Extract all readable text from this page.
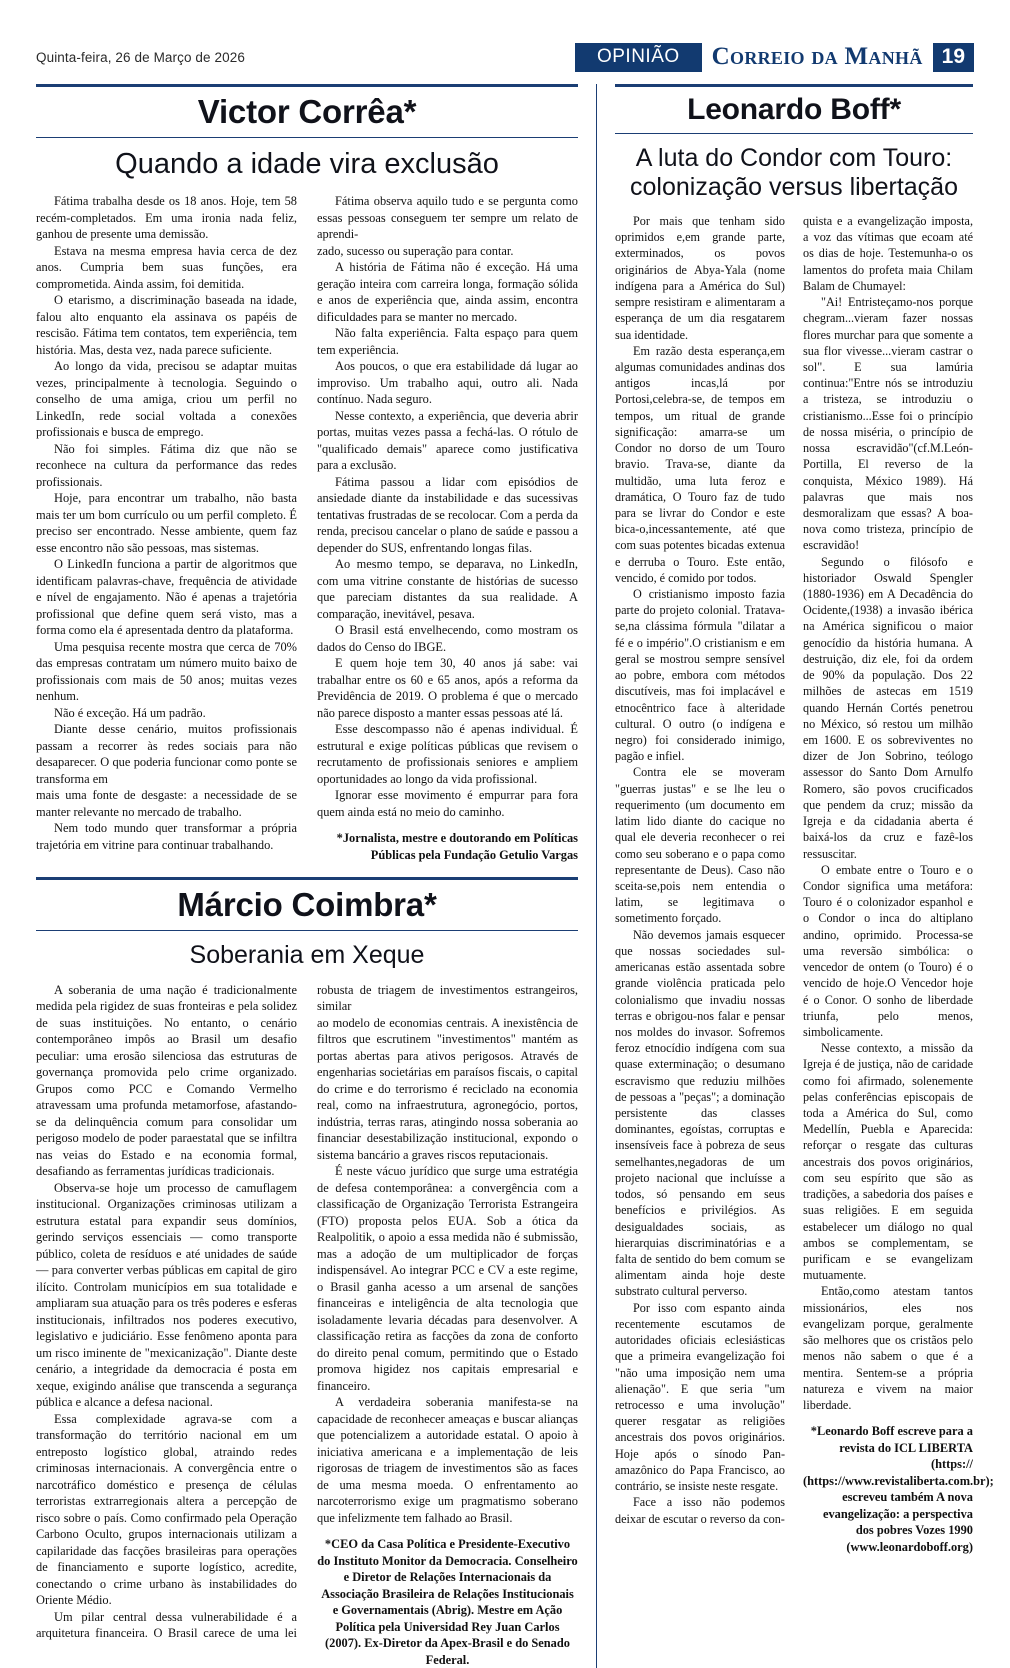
Quinta-feira, 26 de Março de 2026	OPINIÃO	Correio da Manhã 19
Victor Corrêa*
Quando a idade vira exclusão

Fátima trabalha desde os 18 anos. Hoje, tem 58 recém-completados. Em uma ironia nada feliz, ganhou de presente uma demissão.

Estava na mesma empresa havia cerca de dez anos. Cumpria bem suas funções, era comprometida. Ainda assim, foi demitida.

O etarismo, a discriminação baseada na idade, falou alto enquanto ela assinava os papéis de rescisão. Fátima tem contatos, tem experiência, tem história. Mas, desta vez, nada parece suficiente.

Ao longo da vida, precisou se adaptar muitas vezes, principalmente à tecnologia. Seguindo o conselho de uma amiga, criou um perfil no LinkedIn, rede social voltada a conexões profissionais e busca de emprego.

Não foi simples. Fátima diz que não se reconhece na cultura da performance das redes profissionais.

Hoje, para encontrar um trabalho, não basta mais ter um bom currículo ou um perfil completo. É preciso ser encontrado. Nesse ambiente, quem faz esse encontro não são pessoas, mas sistemas.

O LinkedIn funciona a partir de algoritmos que identificam palavras-chave, frequência de atividade e nível de engajamento. Não é apenas a trajetória profissional que define quem será visto, mas a forma como ela é apresentada dentro da plataforma.

Uma pesquisa recente mostra que cerca de 70% das empresas contratam um número muito baixo de profissionais com mais de 50 anos; muitas vezes nenhum.

Não é exceção. Há um padrão.

Diante desse cenário, muitos profissionais passam a recorrer às redes sociais para não desaparecer. O que poderia funcionar como ponte se transforma em

mais uma fonte de desgaste: a necessidade de se manter relevante no mercado de trabalho.

Nem todo mundo quer transformar a própria trajetória em vitrine para continuar trabalhando.

Fátima observa aquilo tudo e se pergunta como essas pessoas conseguem ter sempre um relato de aprendi-

zado, sucesso ou superação para contar.

A história de Fátima não é exceção. Há uma geração inteira com carreira longa, formação sólida e anos de experiência que, ainda assim, encontra dificuldades para se manter no mercado.

Não falta experiência. Falta espaço para quem tem experiência.

Aos poucos, o que era estabilidade dá lugar ao improviso. Um trabalho aqui, outro ali. Nada contínuo. Nada seguro.

Nesse contexto, a experiência, que deveria abrir portas, muitas vezes passa a fechá-las. O rótulo de "qualificado demais" aparece como justificativa para a exclusão.

Fátima passou a lidar com episódios de ansiedade diante da instabilidade e das sucessivas tentativas frustradas de se recolocar. Com a perda da renda, precisou cancelar o plano de saúde e passou a depender do SUS, enfrentando longas filas.

Ao mesmo tempo, se deparava, no LinkedIn, com uma vitrine constante de histórias de sucesso que pareciam distantes da sua realidade. A comparação, inevitável, pesava.

O Brasil está envelhecendo, como mostram os dados do Censo do IBGE.

E quem hoje tem 30, 40 anos já sabe: vai trabalhar entre os 60 e 65 anos, após a reforma da Previdência de 2019. O problema é que o mercado não parece disposto a manter essas pessoas até lá.

Esse descompasso não é apenas individual. É estrutural e exige políticas públicas que revisem o recrutamento de profissionais seniores e ampliem oportunidades ao longo da vida profissional.

Ignorar esse movimento é empurrar para fora quem ainda está no meio do caminho.

*Jornalista, mestre e doutorando em Políticas Públicas pela Fundação Getulio Vargas

Márcio Coimbra*
Soberania em Xeque

A soberania de uma nação é tradicionalmente medida pela rigidez de suas fronteiras e pela solidez de suas instituições. No entanto, o cenário contemporâneo impôs ao Brasil um desafio peculiar: uma erosão silenciosa das estruturas de governança promovida pelo crime organizado. Grupos como PCC e Comando Vermelho atravessam uma profunda metamorfose, afastando-se da delinquência comum para consolidar um perigoso modelo de poder paraestatal que se infiltra nas veias do Estado e na economia formal, desafiando as ferramentas jurídicas tradicionais.

Observa-se hoje um processo de camuflagem institucional. Organizações criminosas utilizam a estrutura estatal para expandir seus domínios, gerindo serviços essenciais — como transporte público, coleta de resíduos e até unidades de saúde — para converter verbas públicas em capital de giro ilícito. Controlam municípios em sua totalidade e ampliaram sua atuação para os três poderes e esferas institucionais, infiltrados nos poderes executivo, legislativo e judiciário. Esse fenômeno aponta para um risco iminente de "mexicanização". Diante deste cenário, a integridade da democracia é posta em xeque, exigindo análise que transcenda a segurança pública e alcance a defesa nacional.

Essa complexidade agrava-se com a transformação do território nacional em um entreposto logístico global, atraindo redes criminosas internacionais. A convergência entre o narcotráfico doméstico e presença de células terroristas extrarregionais altera a percepção de risco sobre o país. Como confirmado pela Operação Carbono Oculto, grupos internacionais utilizam a capilaridade das facções brasileiras para operações de financiamento e suporte logístico, acredite, conectando o crime urbano às instabilidades do Oriente Médio.

Um pilar central dessa vulnerabilidade é a arquitetura financeira. O Brasil carece de uma lei robusta de triagem de investimentos estrangeiros, similar

ao modelo de economias centrais. A inexistência de filtros que escrutinem "investimentos" mantém as portas abertas para ativos perigosos. Através de engenharias societárias em paraísos fiscais, o capital do crime e do terrorismo é reciclado na economia real, como na infraestrutura, agronegócio, portos, indústria, terras raras, atingindo nossa soberania ao financiar desestabilização institucional, expondo o sistema bancário a graves riscos reputacionais.

É neste vácuo jurídico que surge uma estratégia de defesa contemporânea: a convergência com a classificação de Organização Terrorista Estrangeira (FTO) proposta pelos EUA. Sob a ótica da Realpolitik, o apoio a essa medida não é submissão, mas a adoção de um multiplicador de forças indispensável. Ao integrar PCC e CV a este regime, o Brasil ganha acesso a um arsenal de sanções financeiras e inteligência de alta tecnologia que isoladamente levaria décadas para desenvolver. A classificação retira as facções da zona de conforto do direito penal comum, permitindo que o Estado promova higidez nos capitais empresarial e financeiro.

A verdadeira soberania manifesta-se na capacidade de reconhecer ameaças e buscar alianças que potencializem a autoridade estatal. O apoio à iniciativa americana e a implementação de leis rigorosas de triagem de investimentos são as faces de uma mesma moeda. O enfrentamento ao narcoterrorismo exige um pragmatismo soberano que infelizmente tem falhado ao Brasil.

*CEO da Casa Política e Presidente-Executivo do Instituto Monitor da Democracia. Conselheiro e Diretor de Relações Internacionais da Associação Brasileira de Relações Institucionais e Governamentais (Abrig). Mestre em Ação Política pela Universidad Rey Juan Carlos (2007). Ex-Diretor da Apex-Brasil e do Senado Federal.

Leonardo Boff*
A luta do Condor com Touro: colonização versus libertação

Por mais que tenham sido oprimidos e,em grande parte, exterminados, os povos originários de Abya-Yala (nome indígena para a América do Sul) sempre resistiram e alimentaram a esperança de um dia resgatarem sua identidade.

Em razão desta esperança,em algumas comunidades andinas dos antigos incas,lá por Portosi,celebra-se, de tempos em tempos, um ritual de grande significação: amarra-se um Condor no dorso de um Touro bravio. Trava-se, diante da multidão, uma luta feroz e dramática, O Touro faz de tudo para se livrar do Condor e este bica-o,incessantemente, até que com suas potentes bicadas extenua e derruba o Touro. Este então, vencido, é comido por todos.

O cristianismo imposto fazia parte do projeto colonial. Tratava-se,na clássima fórmula "dilatar a fé e o império".O cristianism e em geral se mostrou sempre sensível ao pobre, embora com métodos discutíveis, mas foi implacável e etnocêntrico face à alteridade cultural. O outro (o indígena e negro) foi considerado inimigo, pagão e infiel.

Contra ele se moveram "guerras justas" e se lhe leu o requerimento (um documento em latim lido diante do cacique no qual ele deveria reconhecer o rei como seu soberano e o papa como representante de Deus). Caso não sceita-se,pois nem entendia o latim, se legitimava o sometimento forçado.

Não devemos jamais esquecer que nossas sociedades sul-americanas estão assentada sobre grande violência praticada pelo colonialismo que invadiu nossas terras e obrigou-nos falar e pensar nos moldes do invasor. Sofremos feroz etnocídio indígena com sua quase exterminação; o desumano escravismo que reduziu milhões de pessoas a "peças"; a dominação persistente das classes dominantes, egoístas, corruptas e insensíveis face à pobreza de seus semelhantes,negadoras de um projeto nacional que incluísse a todos, só pensando em seus benefícios e privilégios. As desigualdades sociais, as hierarquias discriminatórias e a falta de sentido do bem comum se alimentam ainda hoje deste substrato cultural perverso.

Por isso com espanto ainda recentemente escutamos de autoridades oficiais eclesiásticas que a primeira evangelização foi "não uma imposição nem uma alienação". E que seria "um retrocesso e uma involução" querer resgatar as religiões ancestrais dos povos originários. Hoje após o sínodo Pan-amazônico do Papa Francisco, ao contrário, se insiste neste resgate.

Face a isso não podemos deixar de escutar o reverso da con-

quista e a evangelização imposta, a voz das vítimas que ecoam até os dias de hoje. Testemunha-o os lamentos do profeta maia Chilam Balam de Chumayel:

"Ai! Entristeçamo-nos porque chegram...vieram fazer nossas flores murchar para que somente a sua flor vivesse...vieram castrar o sol". E sua lamúria continua:"Entre nós se introduziu a tristeza, se introduziu o cristianismo...Esse foi o princípio de nossa miséria, o princípio de nossa escravidão"(cf.M.León-Portilla, El reverso de la conquista, México 1989). Há palavras que mais nos desmoralizam que essas? A boa-nova como tristeza, princípio de escravidão!

Segundo o filósofo e historiador Oswald Spengler (1880-1936) em A Decadência do Ocidente,(1938) a invasão ibérica na América significou o maior genocídio da história humana. A destruição, diz ele, foi da ordem de 90% da população. Dos 22 milhões de astecas em 1519 quando Hernán Cortés penetrou no México, só restou um milhão em 1600. E os sobreviventes no dizer de Jon Sobrino, teólogo assessor do Santo Dom Arnulfo Romero, são povos crucificados que pendem da cruz; missão da Igreja e da cidadania aberta é baixá-los da cruz e fazê-los ressuscitar.

O embate entre o Touro e o Condor significa uma metáfora: Touro é o colonizador espanhol e o Condor o inca do altiplano andino, oprimido. Processa-se uma reversão simbólica: o vencedor de ontem (o Touro) é o vencido de hoje.O Vencedor hoje é o Conor. O sonho de liberdade triunfa, pelo menos, simbolicamente.

Nesse contexto, a missão da Igreja é de justiça, não de caridade como foi afirmado, solenemente pelas conferências episcopais de toda a América do Sul, como Medellín, Puebla e Aparecida: reforçar o resgate das culturas ancestrais dos povos originários, com seu espírito que são as tradições, a sabedoria dos países e suas religiões. E em seguida estabelecer um diálogo no qual ambos se complementam, se purificam e se evangelizam mutuamente.

Então,como atestam tantos missionários, eles nos evangelizam porque, geralmente são melhores que os cristãos pelo menos não sabem o que é a mentira. Sentem-se a própria natureza e vivem na maior liberdade.

*Leonardo Boff escreve para a revista do ICL LIBERTA (https:// (https://www.revistaliberta.com.br); escreveu também A nova evangelização: a perspectiva dos pobres Vozes 1990 (www.leonardoboff.org)
